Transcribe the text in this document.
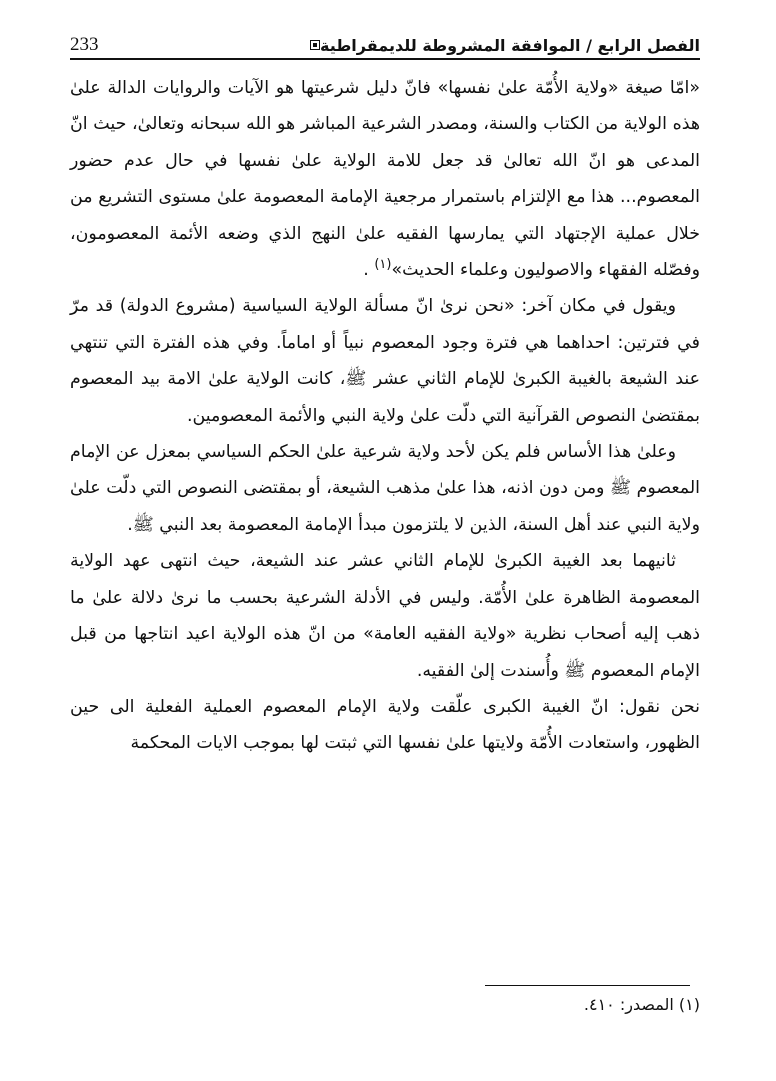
233	الفصل الرابع / الموافقة المشروطة للديمقراطية

«امّا صيغة «ولاية الأُمّة علىٰ نفسها» فانّ دليل شرعيتها هو الآيات والروايات الدالة علىٰ هذه الولاية من الكتاب والسنة، ومصدر الشرعية المباشر هو الله سبحانه وتعالىٰ، حيث انّ المدعى هو انّ الله تعالىٰ قد جعل للامة الولاية علىٰ نفسها في حال عدم حضور المعصوم... هذا مع الإلتزام باستمرار مرجعية الإمامة المعصومة علىٰ مستوى التشريع من خلال عملية الإجتهاد التي يمارسها الفقيه علىٰ النهج الذي وضعه الأئمة المعصومون، وفصّله الفقهاء والاصوليون وعلماء الحديث»$^{(١)}$ .

ويقول في مكان آخر: «نحن نرىٰ انّ مسألة الولاية السياسية (مشروع الدولة) قد مرّ في فترتين: احداهما هي فترة وجود المعصوم نبياً أو اماماً. وفي هذه الفترة التي تنتهي عند الشيعة بالغيبة الكبرىٰ للإمام الثاني عشر ﷺ، كانت الولاية علىٰ الامة بيد المعصوم بمقتضىٰ النصوص القرآنية التي دلّت علىٰ ولاية النبي والأئمة المعصومين.

وعلىٰ هذا الأساس فلم يكن لأحد ولاية شرعية علىٰ الحكم السياسي بمعزل عن الإمام المعصوم ﷺ ومن دون اذنه، هذا علىٰ مذهب الشيعة، أو بمقتضى النصوص التي دلّت علىٰ ولاية النبي عند أهل السنة، الذين لا يلتزمون مبدأ الإمامة المعصومة بعد النبي ﷺ.

ثانيهما بعد الغيبة الكبرىٰ للإمام الثاني عشر عند الشيعة، حيث انتهى عهد الولاية المعصومة الظاهرة علىٰ الأُمّة. وليس في الأدلة الشرعية بحسب ما نرىٰ دلالة علىٰ ما ذهب إليه أصحاب نظرية «ولاية الفقيه العامة» من انّ هذه الولاية اعيد انتاجها من قبل الإمام المعصوم ﷺ وأُسندت إلىٰ الفقيه.

نحن نقول: انّ الغيبة الكبرى علّقت ولاية الإمام المعصوم العملية الفعلية الى حين الظهور، واستعادت الأُمّة ولايتها علىٰ نفسها التي ثبتت لها بموجب الايات المحكمة

(١) المصدر: ٤١٠.
